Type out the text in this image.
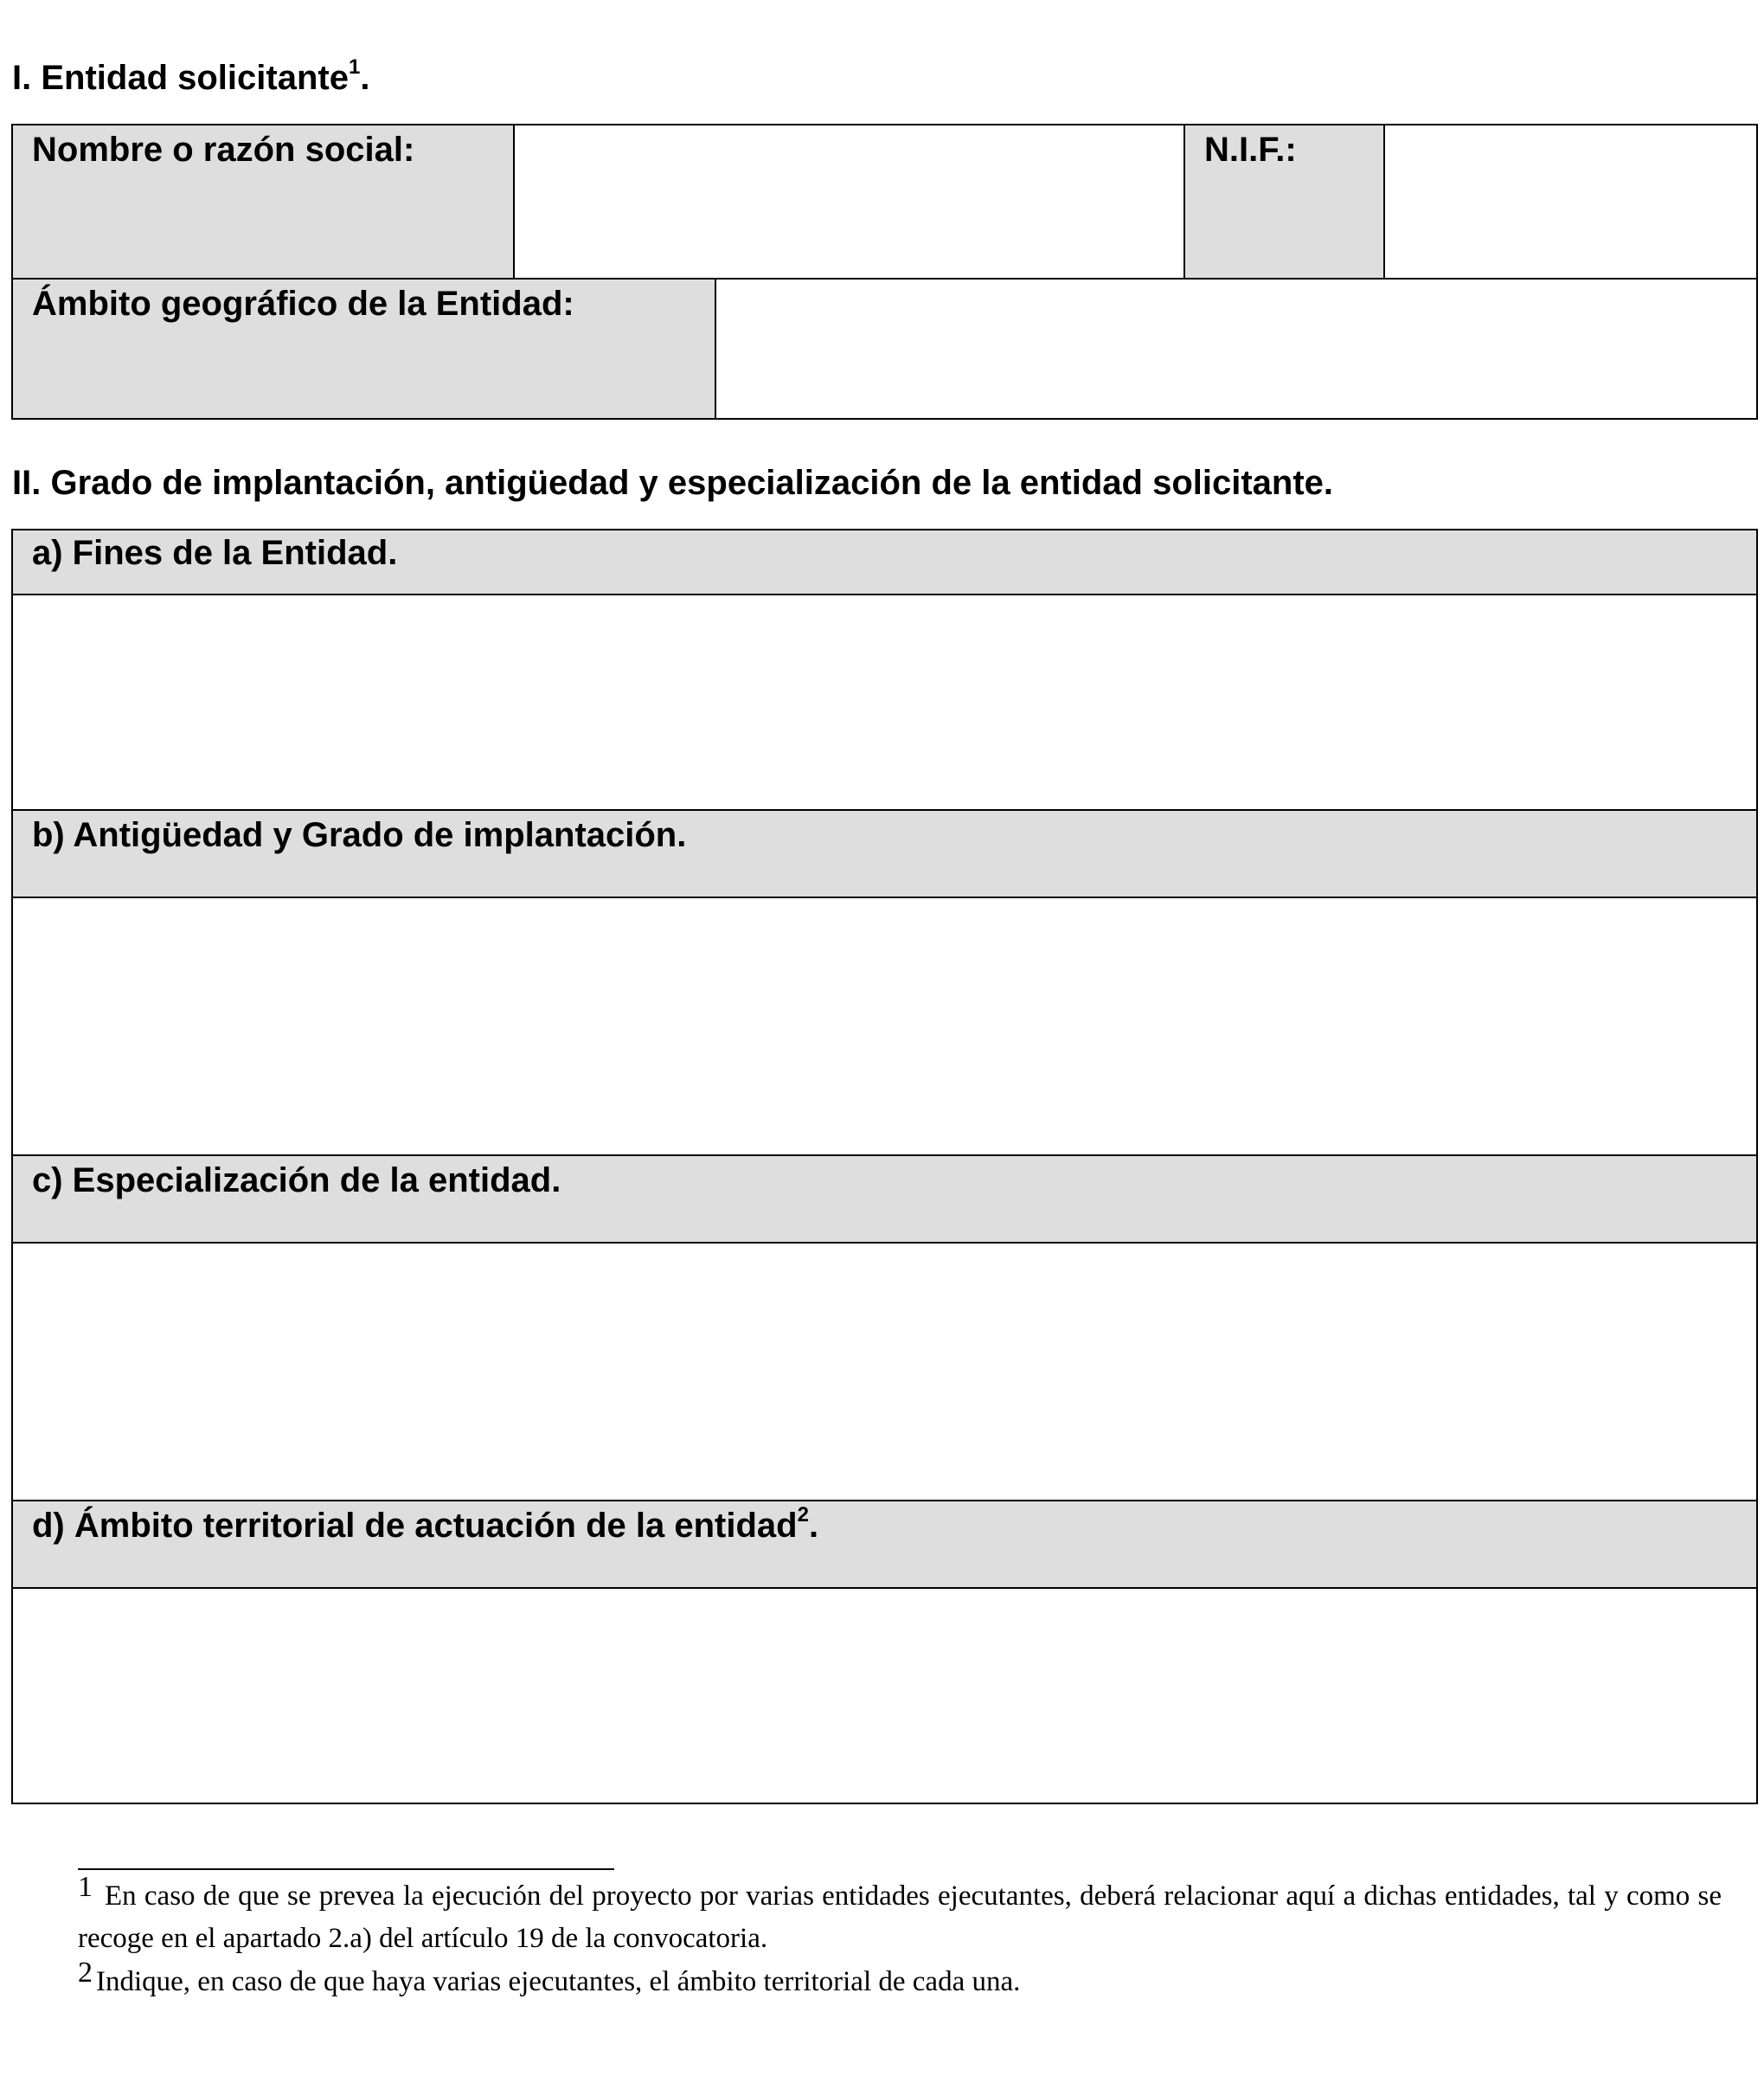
I. Entidad solicitante$^1$.
Nombre o razón social:			N.I.F.:	

Ámbito geográfico de la Entidad:				

II. Grado de implantación, antigüedad y especialización de la entidad solicitante.
a) Fines de la Entidad.

b) Antigüedad y Grado de implantación.

c) Especialización de la entidad.

d) Ámbito territorial de actuación de la entidad$^2$.

1 En caso de que se prevea la ejecución del proyecto por varias entidades ejecutantes, deberá relacionar aquí a dichas entidades, tal y como se recoge en el apartado 2.a) del artículo 19 de la convocatoria.
2 Indique, en caso de que haya varias ejecutantes, el ámbito territorial de cada una.
